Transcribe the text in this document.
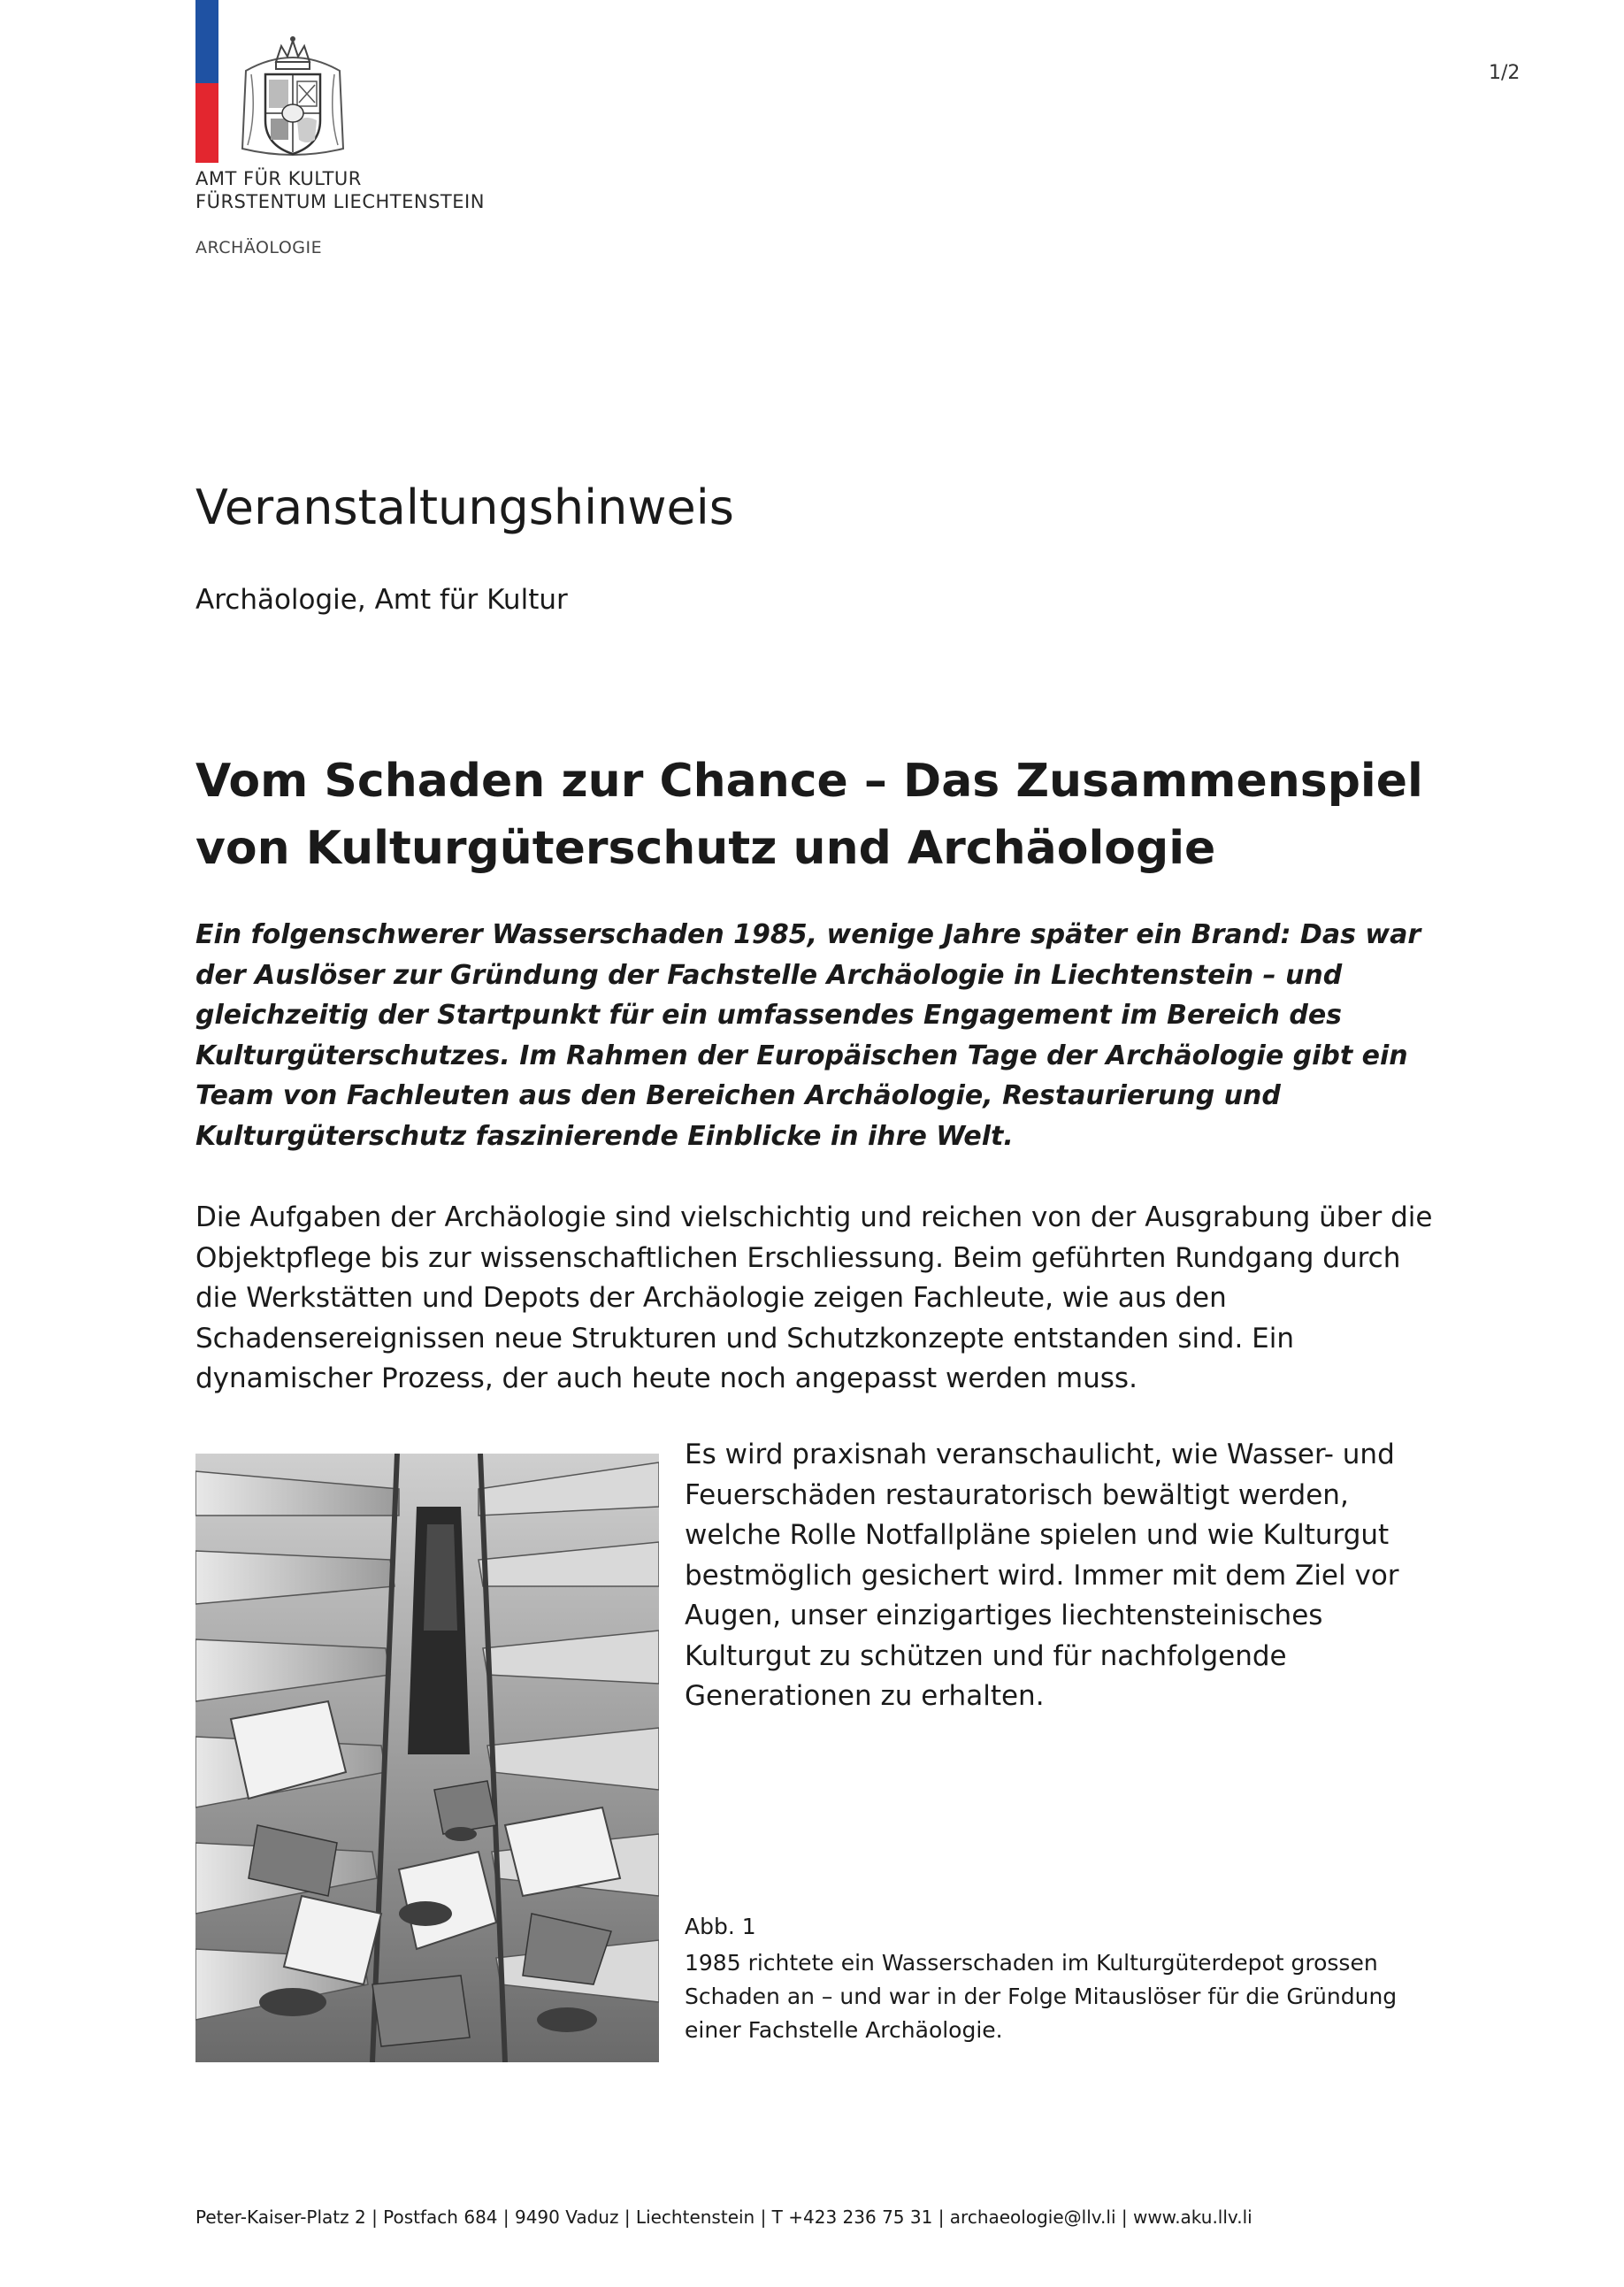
AMT FÜR KULTUR
FÜRSTENTUM LIECHTENSTEIN
ARCHÄOLOGIE
1/2
Veranstaltungshinweis
Archäologie, Amt für Kultur
Vom Schaden zur Chance – Das Zusammenspiel von Kulturgüterschutz und Archäologie
Ein folgenschwerer Wasserschaden 1985, wenige Jahre später ein Brand: Das war der Auslöser zur Gründung der Fachstelle Archäologie in Liechtenstein – und gleichzeitig der Startpunkt für ein umfassendes Engagement im Bereich des Kulturgüterschutzes. Im Rahmen der Europäischen Tage der Archäologie gibt ein Team von Fachleuten aus den Bereichen Archäologie, Restaurierung und Kulturgüterschutz faszinierende Einblicke in ihre Welt.
Die Aufgaben der Archäologie sind vielschichtig und reichen von der Ausgrabung über die Objektpflege bis zur wissenschaftlichen Erschliessung. Beim geführten Rundgang durch die Werkstätten und Depots der Archäologie zeigen Fachleute, wie aus den Schadensereignissen neue Strukturen und Schutzkonzepte entstanden sind. Ein dynamischer Prozess, der auch heute noch angepasst werden muss.
Es wird praxisnah veranschaulicht, wie Wasser- und Feuerschäden restauratorisch bewältigt werden, welche Rolle Notfallpläne spielen und wie Kulturgut bestmöglich gesichert wird. Immer mit dem Ziel vor Augen, unser einzigartiges liechtensteinisches Kulturgut zu schützen und für nachfolgende Generationen zu erhalten.
Abb. 1
1985 richtete ein Wasserschaden im Kulturgüterdepot grossen Schaden an – und war in der Folge Mitauslöser für die Gründung einer Fachstelle Archäologie.
Peter-Kaiser-Platz 2 | Postfach 684 | 9490 Vaduz | Liechtenstein | T +423 236 75 31 | archaeologie@llv.li | www.aku.llv.li
